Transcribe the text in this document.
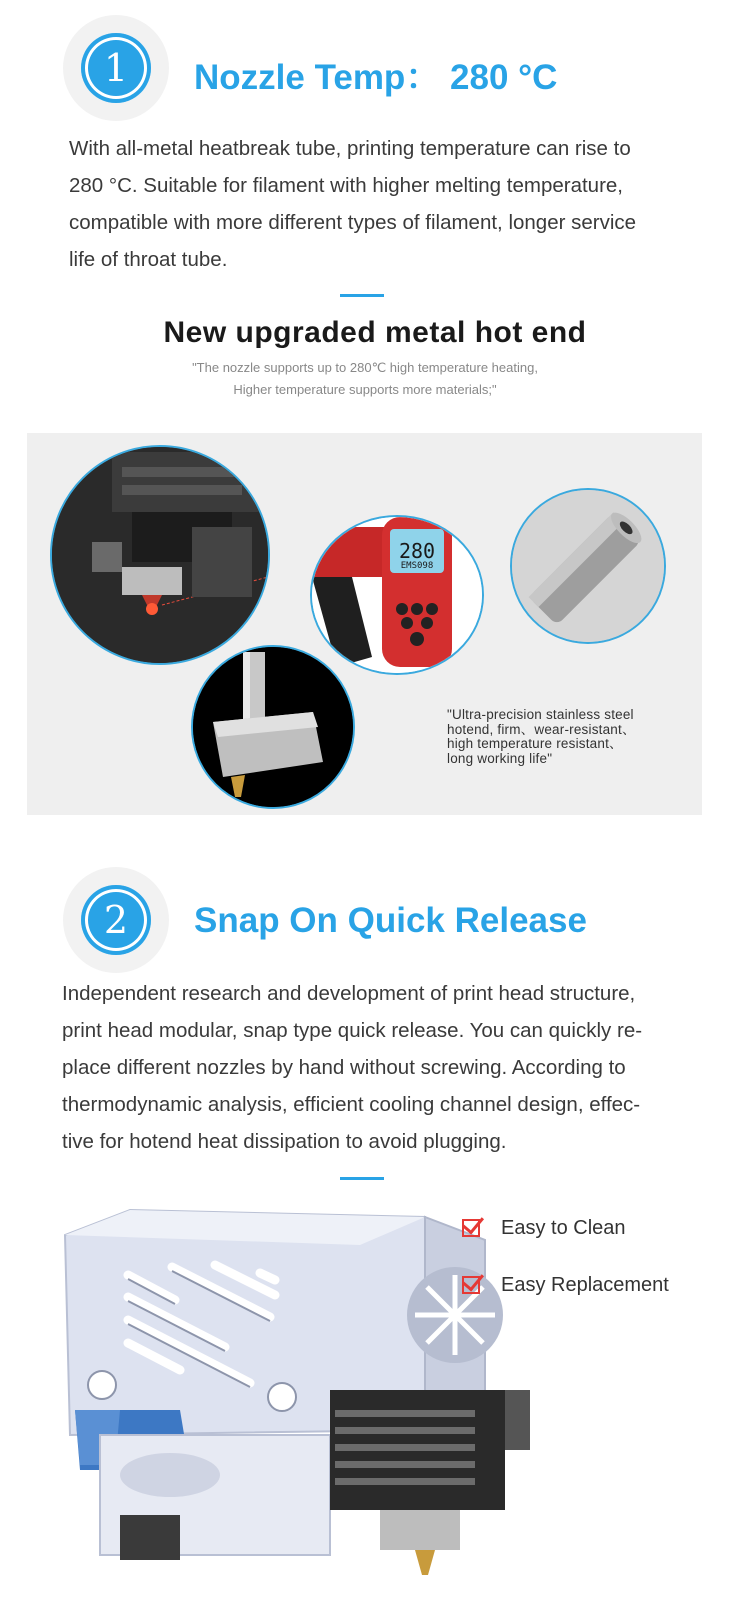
1	Nozzle Temp： 280 °C
With all-metal heatbreak tube, printing temperature can rise to
280 °C. Suitable for filament with higher melting temperature,
compatible with more different types of filament, longer service
life of throat tube.
New upgraded metal hot end
"The nozzle supports up to 280℃ high temperature heating,
Higher temperature supports more materials;"
280
EMS098
"Ultra-precision stainless steel
hotend, firm、wear-resistant、
high temperature resistant、
long working life"
2	Snap On Quick Release
Independent research and development of print head structure,
print head modular, snap type quick release. You can quickly re-
place different nozzles by hand without screwing. According to
thermodynamic analysis, efficient cooling channel design, effec-
tive for hotend heat dissipation to avoid plugging.
Easy to Clean
Easy Replacement
